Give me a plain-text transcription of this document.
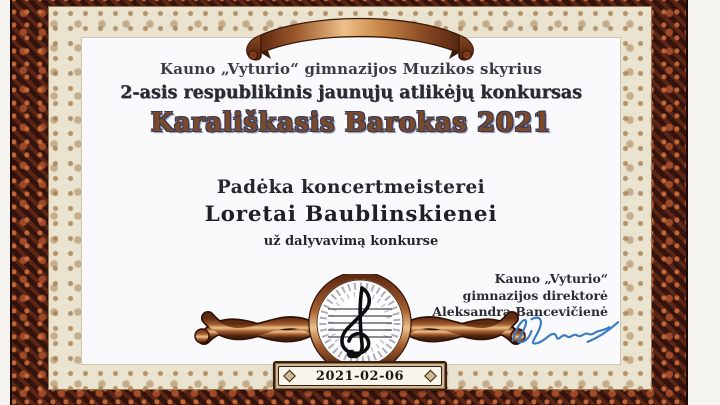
Kauno „Vyturio“ gimnazijos Muzikos skyrius
2-asis respublikinis jaunųjų atlikėjų konkursas
Karališkasis Barokas 2021
Padėka koncertmeisterei
Loretai Baublinskienei
už dalyvavimą konkurse
Kauno „Vyturio“
gimnazijos direktorė
Aleksandra Bancevičienė
2021-02-06
